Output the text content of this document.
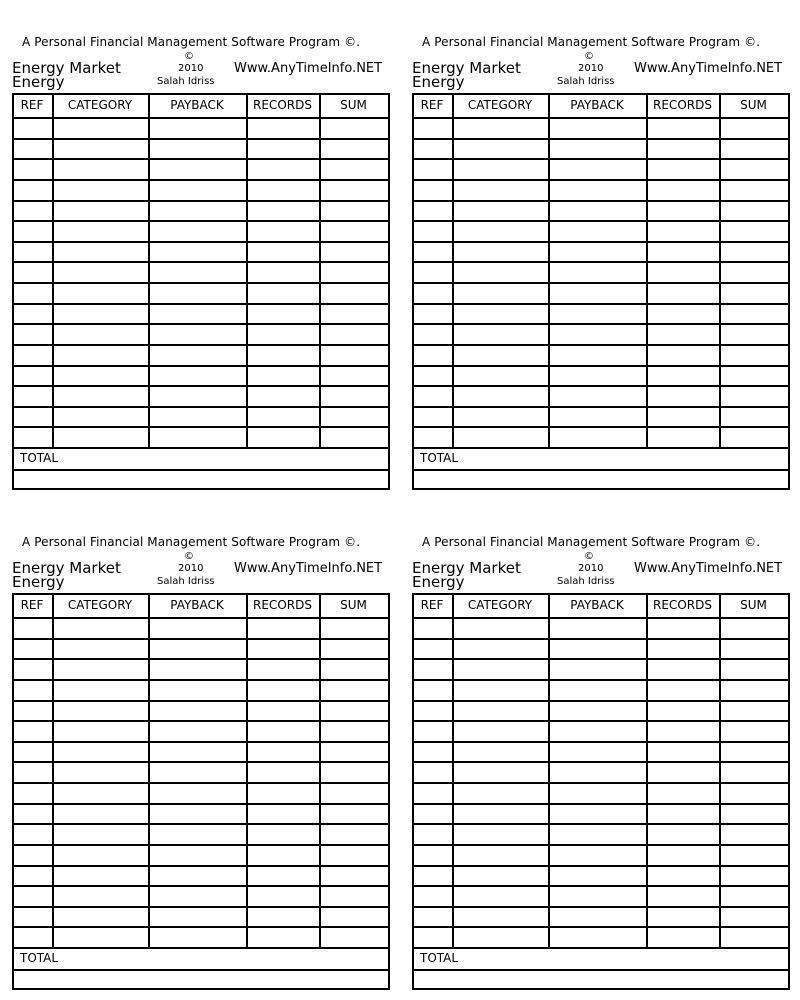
A Personal Financial Management Software Program ©.
Energy Market
Energy
©
2010
Salah Idriss
Www.AnyTimeInfo.NET
REF	CATEGORY	PAYBACK	RECORDS	SUM
TOTAL
A Personal Financial Management Software Program ©.
Energy Market
Energy
©
2010
Salah Idriss
Www.AnyTimeInfo.NET
REF	CATEGORY	PAYBACK	RECORDS	SUM
TOTAL
A Personal Financial Management Software Program ©.
Energy Market
Energy
©
2010
Salah Idriss
Www.AnyTimeInfo.NET
REF	CATEGORY	PAYBACK	RECORDS	SUM
TOTAL
A Personal Financial Management Software Program ©.
Energy Market
Energy
©
2010
Salah Idriss
Www.AnyTimeInfo.NET
REF	CATEGORY	PAYBACK	RECORDS	SUM
TOTAL
